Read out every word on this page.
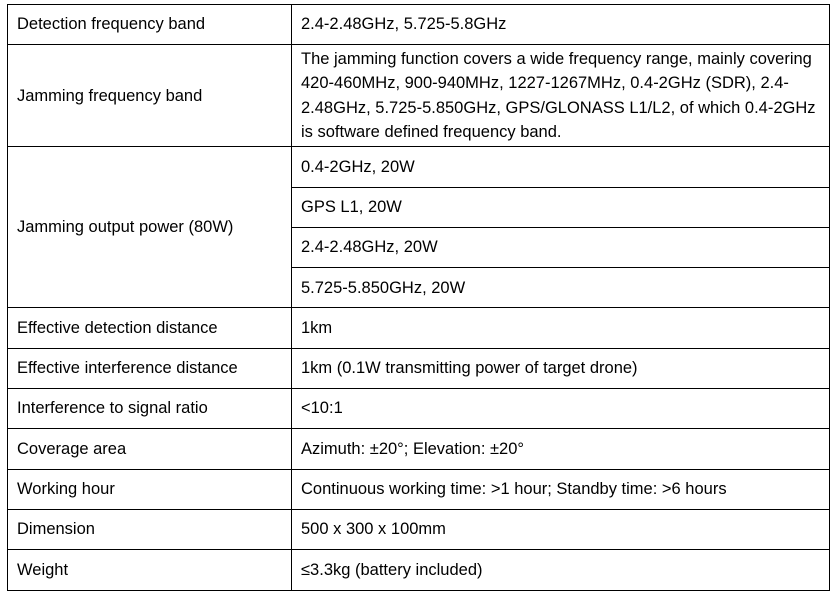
Detection frequency band	2.4-2.48GHz, 5.725-5.8GHz
Jamming frequency band	The jamming function covers a wide frequency range, mainly covering 420-460MHz, 900-940MHz, 1227-1267MHz, 0.4-2GHz (SDR), 2.4-2.48GHz, 5.725-5.850GHz, GPS/GLONASS L1/L2, of which 0.4-2GHz is software defined frequency band.
Jamming output power (80W)	0.4-2GHz, 20W
	GPS L1, 20W
	2.4-2.48GHz, 20W
	5.725-5.850GHz, 20W
Effective detection distance	1km
Effective interference distance	1km (0.1W transmitting power of target drone)
Interference to signal ratio	<10:1
Coverage area	Azimuth: ±20°; Elevation: ±20°
Working hour	Continuous working time: >1 hour; Standby time: >6 hours
Dimension	500 x 300 x 100mm
Weight	≤3.3kg (battery included)
